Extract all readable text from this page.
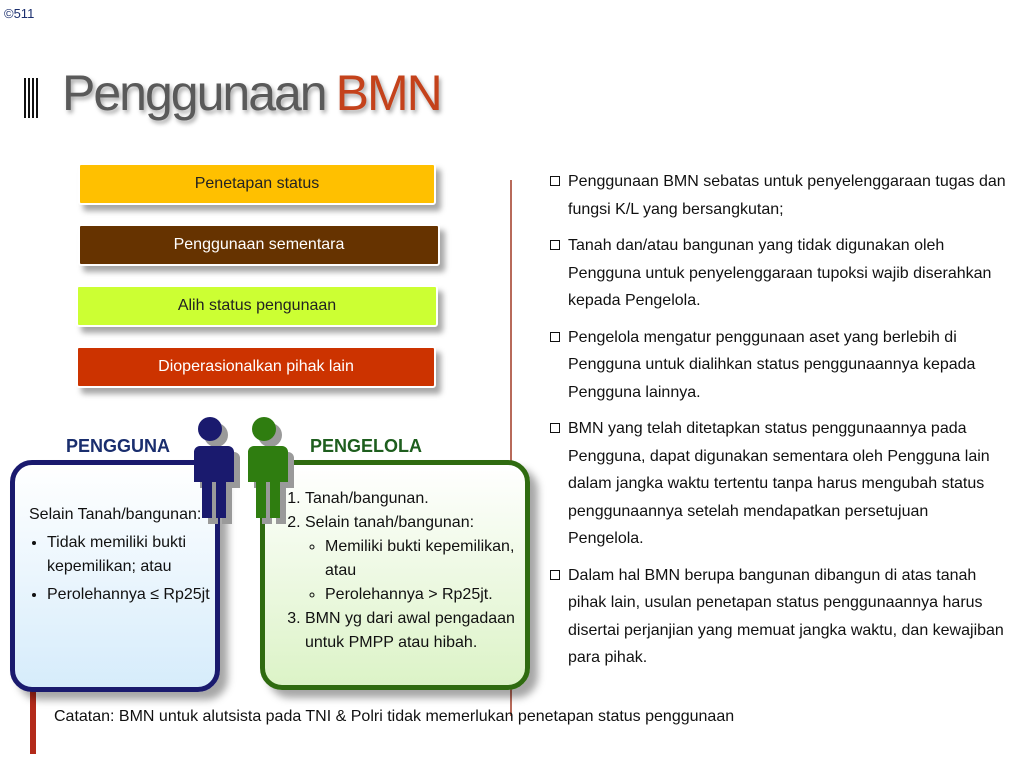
©511
Penggunaan BMN
Penetapan status
Penggunaan sementara
Alih status pengunaan
Dioperasionalkan pihak lain
PENGGUNA	PENGELOLA
Selain Tanah/bangunan:
• Tidak memiliki bukti kepemilikan; atau
• Perolehannya ≤ Rp25jt
1. Tanah/bangunan.
2. Selain tanah/bangunan:
◦ Memiliki bukti kepemilikan, atau
◦ Perolehannya > Rp25jt.
3. BMN yg dari awal pengadaan untuk PMPP atau hibah.
Penggunaan BMN sebatas untuk penyelenggaraan tugas dan fungsi K/L yang bersangkutan;
Tanah dan/atau bangunan yang tidak digunakan oleh Pengguna untuk penyelenggaraan tupoksi wajib diserahkan kepada Pengelola.
Pengelola mengatur penggunaan aset yang berlebih di Pengguna untuk dialihkan status penggunaannya kepada Pengguna lainnya.
BMN yang telah ditetapkan status penggunaannya pada Pengguna, dapat digunakan sementara oleh Pengguna lain dalam jangka waktu tertentu tanpa harus mengubah status penggunaannya setelah mendapatkan persetujuan Pengelola.
Dalam hal BMN berupa bangunan dibangun di atas tanah pihak lain, usulan penetapan status penggunaannya harus disertai perjanjian yang memuat jangka waktu, dan kewajiban para pihak.
Catatan: BMN untuk alutsista pada TNI & Polri tidak memerlukan penetapan status penggunaan
